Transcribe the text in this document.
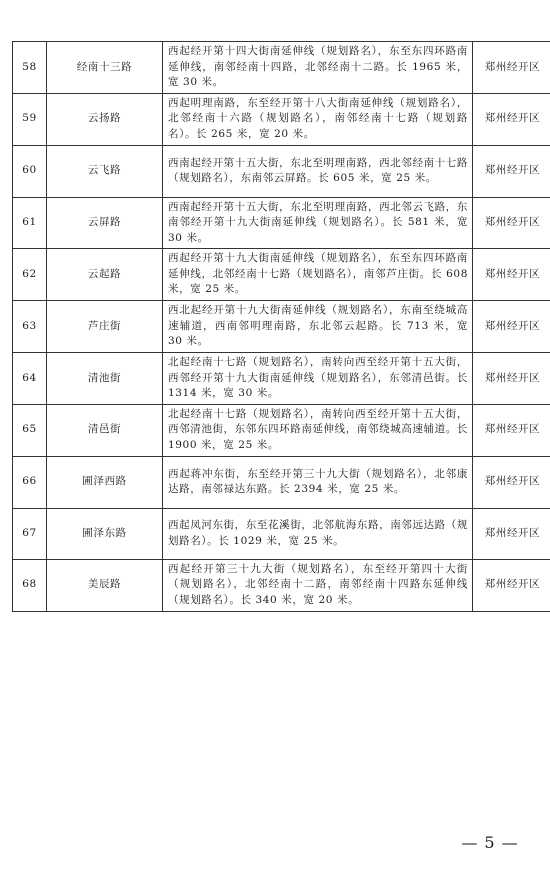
58	经南十三路	西起经开第十四大街南延伸线（规划路名），东至东四环路南延伸线，南邻经南十四路，北邻经南十二路。长 1965 米，宽 30 米。	郑州经开区
59	云扬路	西起明理南路，东至经开第十八大街南延伸线（规划路名），北邻经南十六路（规划路名），南邻经南十七路（规划路名）。长 265 米，宽 20 米。	郑州经开区
60	云飞路	西南起经开第十五大街，东北至明理南路，西北邻经南十七路（规划路名），东南邻云屏路。长 605 米，宽 25 米。	郑州经开区
61	云屏路	西南起经开第十五大街，东北至明理南路，西北邻云飞路，东南邻经开第十九大街南延伸线（规划路名）。长 581 米，宽 30 米。	郑州经开区
62	云起路	西起经开第十九大街南延伸线（规划路名），东至东四环路南延伸线，北邻经南十七路（规划路名），南邻芦庄街。长 608 米，宽 25 米。	郑州经开区
63	芦庄街	西北起经开第十九大街南延伸线（规划路名），东南至绕城高速辅道，西南邻明理南路，东北邻云起路。长 713 米，宽 30 米。	郑州经开区
64	清池街	北起经南十七路（规划路名），南转向西至经开第十五大街，西邻经开第十九大街南延伸线（规划路名），东邻清邑街。长 1314 米，宽 30 米。	郑州经开区
65	清邑街	北起经南十七路（规划路名），南转向西至经开第十五大街，西邻清池街，东邻东四环路南延伸线，南邻绕城高速辅道。长 1900 米，宽 25 米。	郑州经开区
66	圃泽西路	西起蒋冲东街，东至经开第三十九大街（规划路名），北邻康达路，南邻禄达东路。长 2394 米，宽 25 米。	郑州经开区
67	圃泽东路	西起凤河东街，东至花溪街，北邻航海东路，南邻远达路（规划路名）。长 1029 米，宽 25 米。	郑州经开区
68	美辰路	西起经开第三十九大街（规划路名），东至经开第四十大街（规划路名），北邻经南十二路，南邻经南十四路东延伸线（规划路名）。长 340 米，宽 20 米。	郑州经开区
— 5 —
